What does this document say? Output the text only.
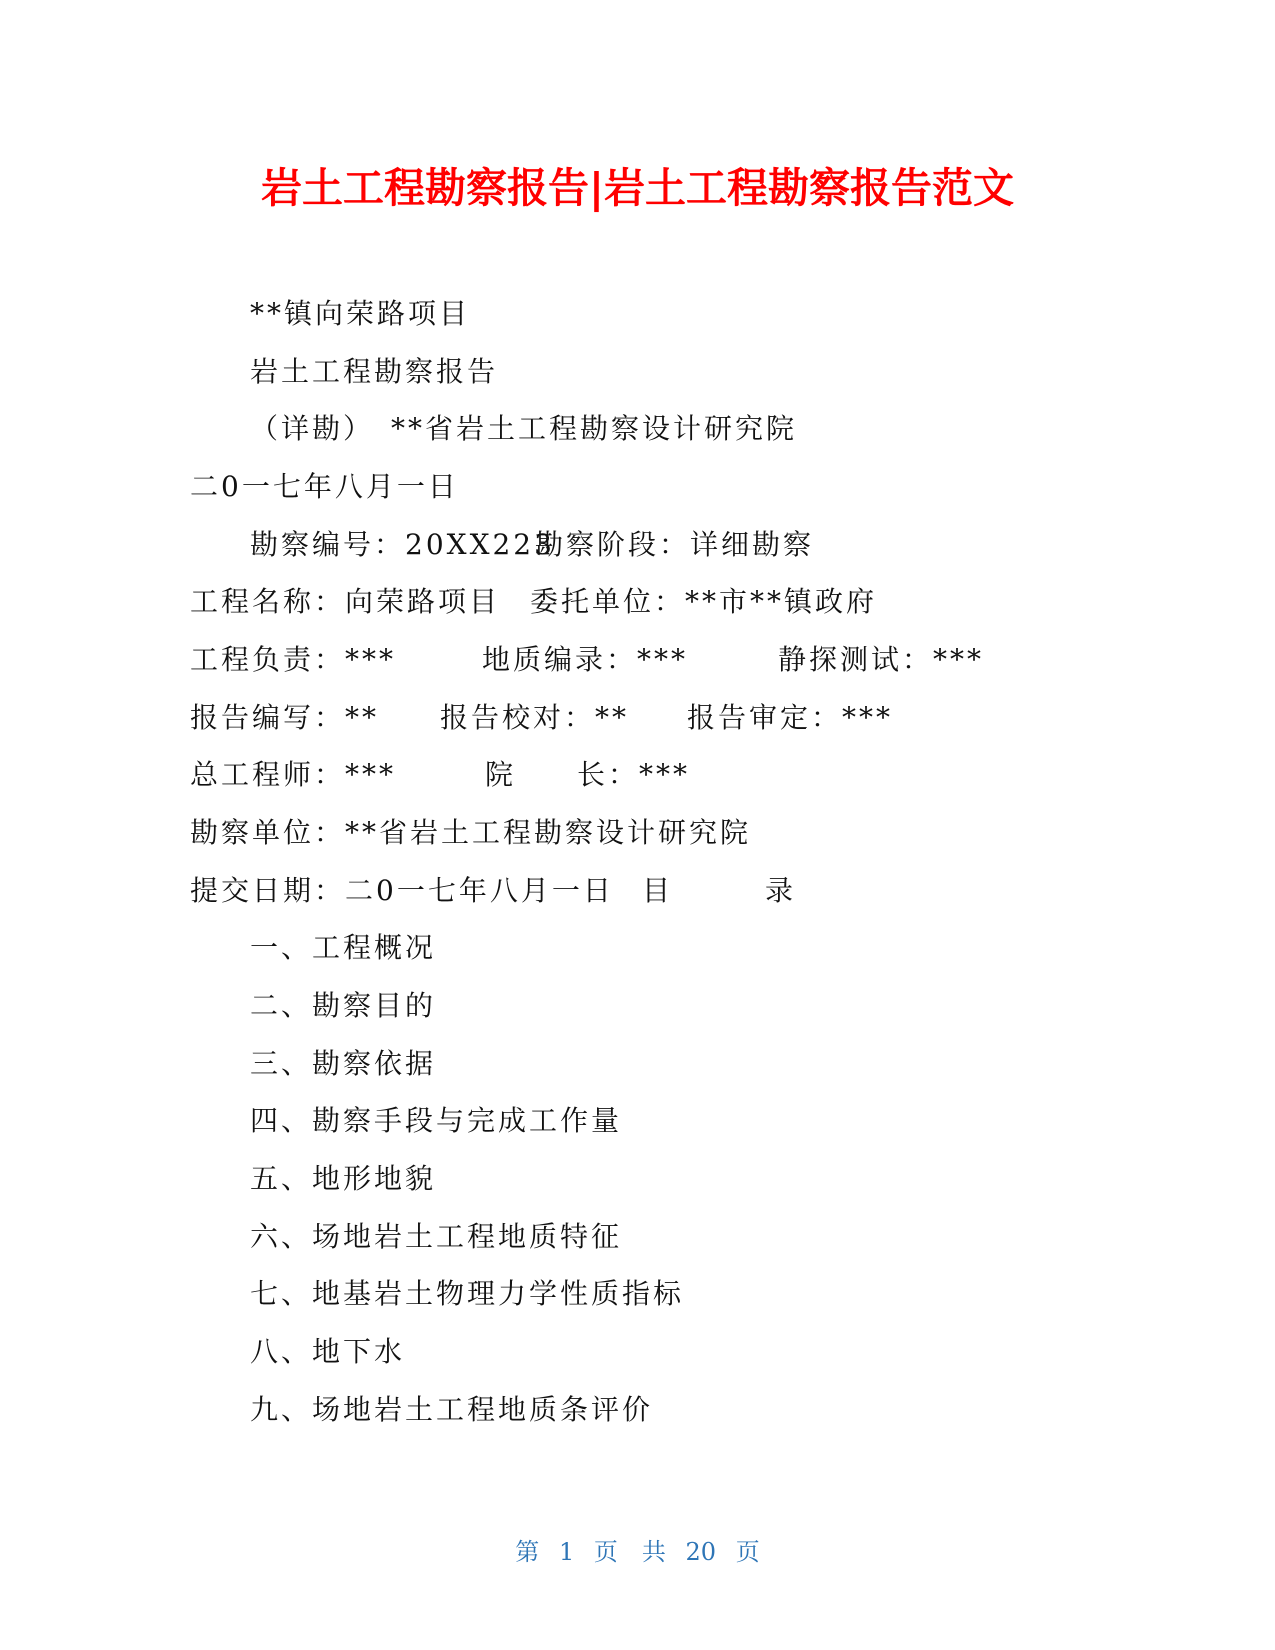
岩土工程勘察报告|岩土工程勘察报告范文
**镇向荣路项目
岩土工程勘察报告
（详勘）　**省岩土工程勘察设计研究院
二0一七年八月一日
勘察编号：20XX223
勘察阶段：详细勘察
工程名称：向荣路项目 委托单位：**市**镇政府
工程负责：***	地质编录：***	静探测试：***
报告编写：** 报告校对：** 报告审定：***
总工程师：***	院 长：***
勘察单位：**省岩土工程勘察设计研究院
提交日期：二0一七年八月一日 目	录
一、工程概况
二、勘察目的
三、勘察依据
四、勘察手段与完成工作量
五、地形地貌
六、场地岩土工程地质特征
七、地基岩土物理力学性质指标
八、地下水
九、场地岩土工程地质条评价
第 1 页　共 20 页
